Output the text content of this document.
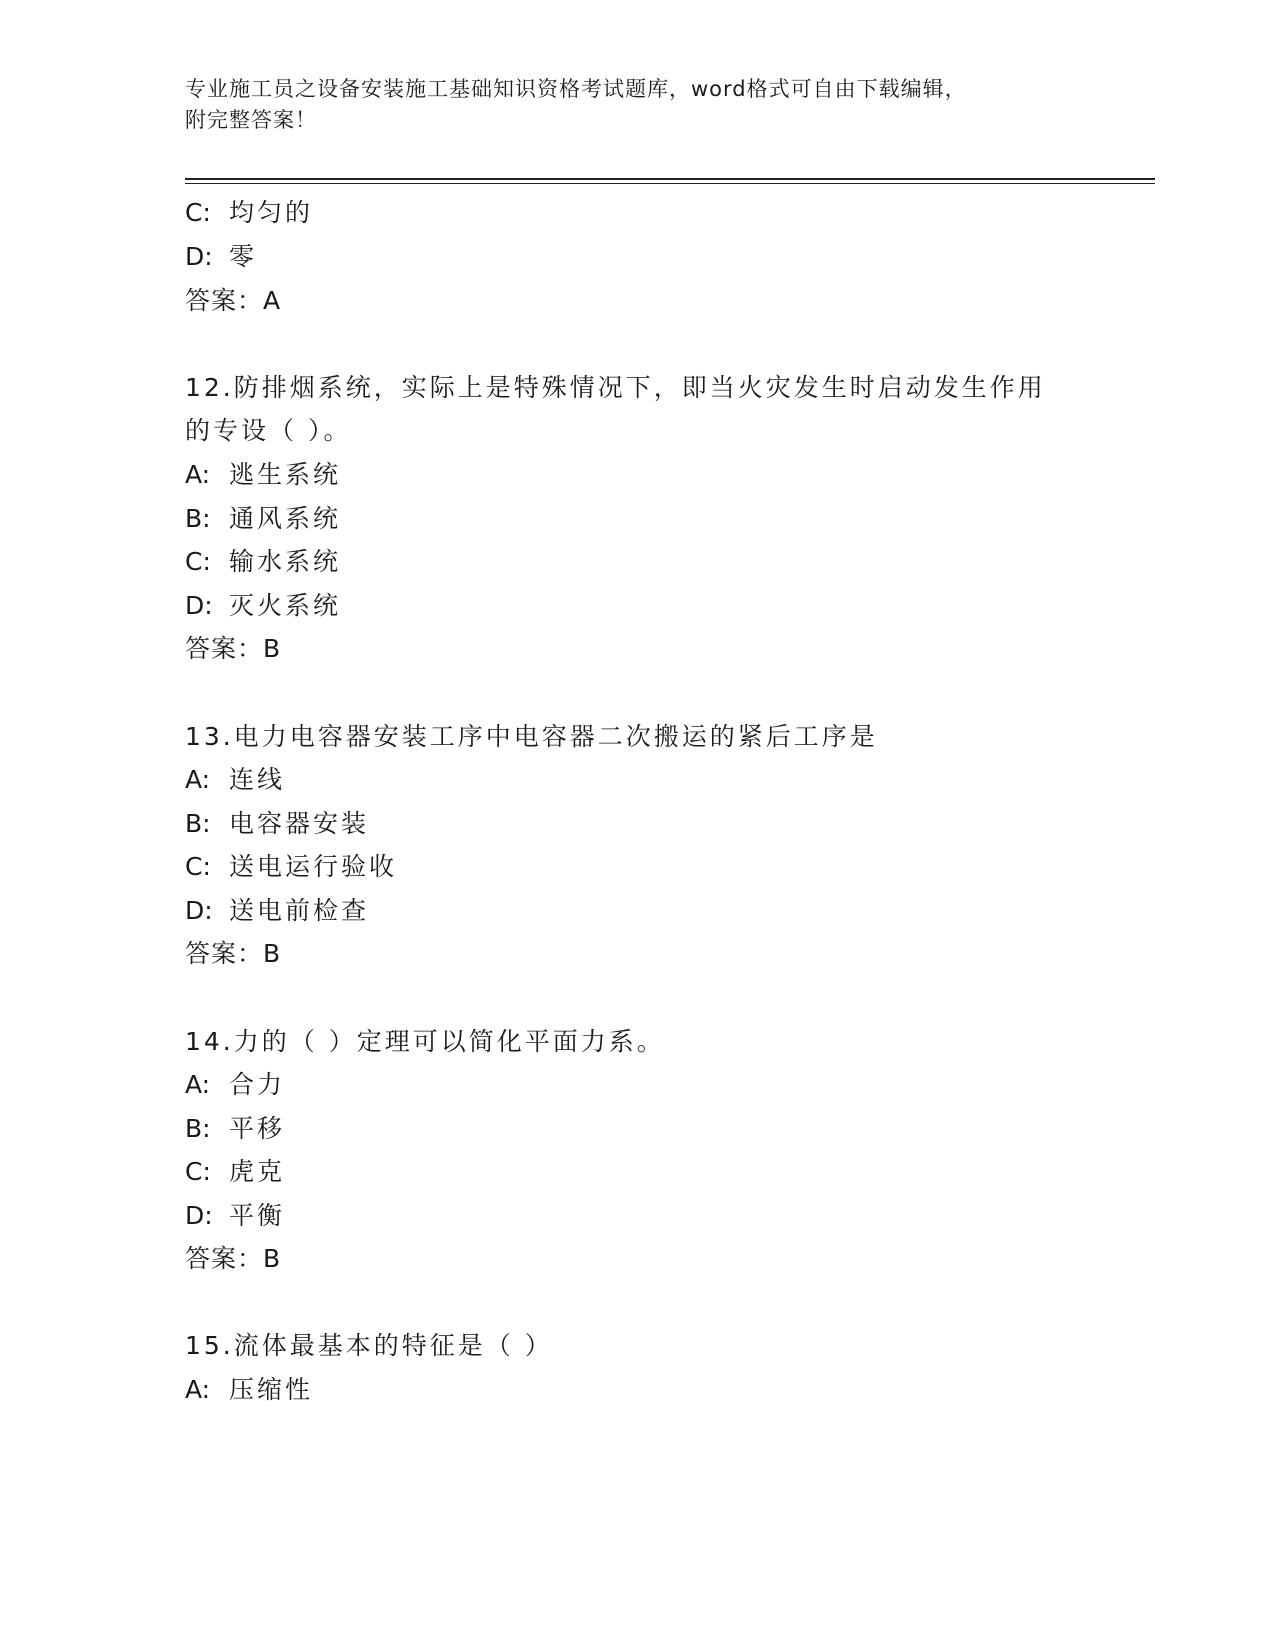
专业施工员之设备安装施工基础知识资格考试题库，word格式可自由下载编辑，
附完整答案！
C: 均匀的
D: 零
答案：A
12.防排烟系统，实际上是特殊情况下，即当火灾发生时启动发生作用
的专设（ ）。
A: 逃生系统
B: 通风系统
C: 输水系统
D: 灭火系统
答案：B
13.电力电容器安装工序中电容器二次搬运的紧后工序是
A: 连线
B: 电容器安装
C: 送电运行验收
D: 送电前检查
答案：B
14.力的（ ）定理可以简化平面力系。
A: 合力
B: 平移
C: 虎克
D: 平衡
答案：B
15.流体最基本的特征是（ ）
A: 压缩性
